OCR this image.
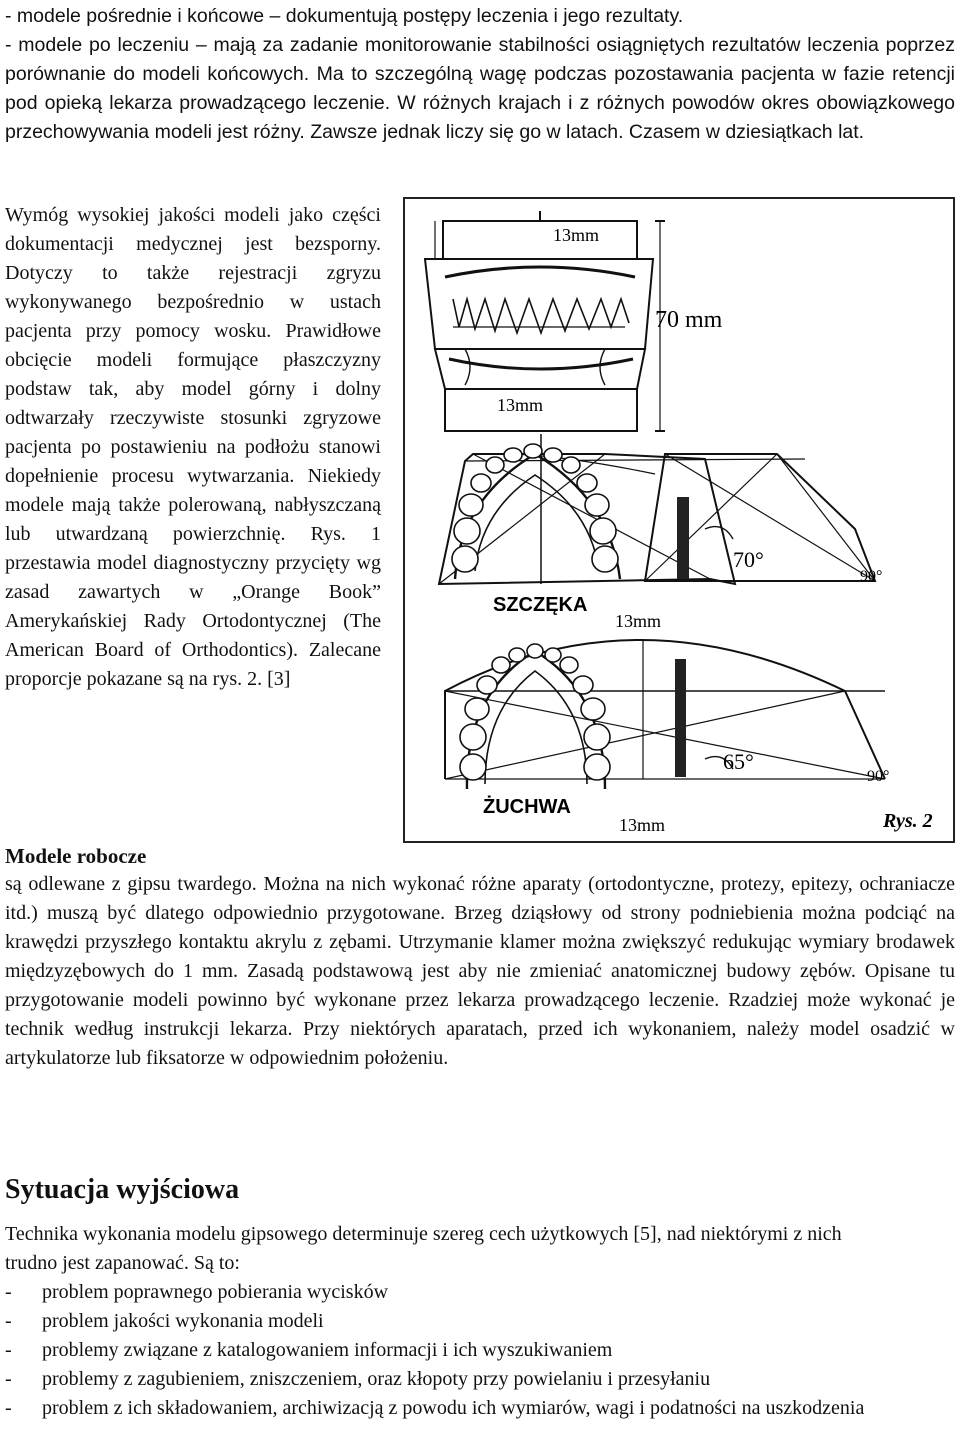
- modele pośrednie i końcowe – dokumentują postępy leczenia i jego rezultaty.

- modele po leczeniu – mają za zadanie monitorowanie stabilności osiągniętych rezultatów leczenia poprzez porównanie do modeli końcowych. Ma to szczególną wagę podczas pozostawania pacjenta w fazie retencji pod opieką lekarza prowadzącego leczenie. W różnych krajach i z różnych powodów okres obowiązkowego przechowywania modeli jest różny. Zawsze jednak liczy się go w latach. Czasem w dziesiątkach lat.

Wymóg wysokiej jakości modeli jako części dokumentacji medycznej jest bezsporny. Dotyczy to także rejestracji zgryzu wykonywanego bezpośrednio w ustach pacjenta przy pomocy wosku. Prawidłowe obcięcie modeli formujące płaszczyzny podstaw tak, aby model górny i dolny odtwarzały rzeczywiste stosunki zgryzowe pacjenta po postawieniu na podłożu stanowi dopełnienie procesu wytwarzania. Niekiedy modele mają także polerowaną, nabłyszczaną lub utwardzaną powierzchnię. Rys. 1 przestawia model diagnostyczny przycięty wg zasad zawartych w „Orange Book” Amerykańskiej Rady Ortodontycznej (The American Board of Orthodontics). Zalecane proporcje pokazane są na rys. 2. [3]

13mm
70 mm
13mm
70°
90°
SZCZĘKA
13mm
65°
90°
ŻUCHWA
13mm	Rys. 2
Modele robocze

są odlewane z gipsu twardego. Można na nich wykonać różne aparaty (ortodontyczne, protezy, epitezy, ochraniacze itd.) muszą być dlatego odpowiednio przygotowane. Brzeg dziąsłowy od strony podniebienia można podciąć na krawędzi przyszłego kontaktu akrylu z zębami. Utrzymanie klamer można zwiększyć redukując wymiary brodawek międzyzębowych do 1 mm. Zasadą podstawową jest aby nie zmieniać anatomicznej budowy zębów. Opisane tu przygotowanie modeli powinno być wykonane przez lekarza prowadzącego leczenie. Rzadziej może wykonać je technik według instrukcji lekarza. Przy niektórych aparatach, przed ich wykonaniem, należy model osadzić w artykulatorze lub fiksatorze w odpowiednim położeniu.

Sytuacja wyjściowa

Technika wykonania modelu gipsowego determinuje szereg cech użytkowych [5], nad niektórymi z nich trudno jest zapanować. Są to:

- problem poprawnego pobierania wycisków
- problem jakości wykonania modeli
- problemy związane z katalogowaniem informacji i ich wyszukiwaniem
- problemy z zagubieniem, zniszczeniem, oraz kłopoty przy powielaniu i przesyłaniu
- problem z ich składowaniem, archiwizacją z powodu ich wymiarów, wagi i podatności na uszkodzenia
